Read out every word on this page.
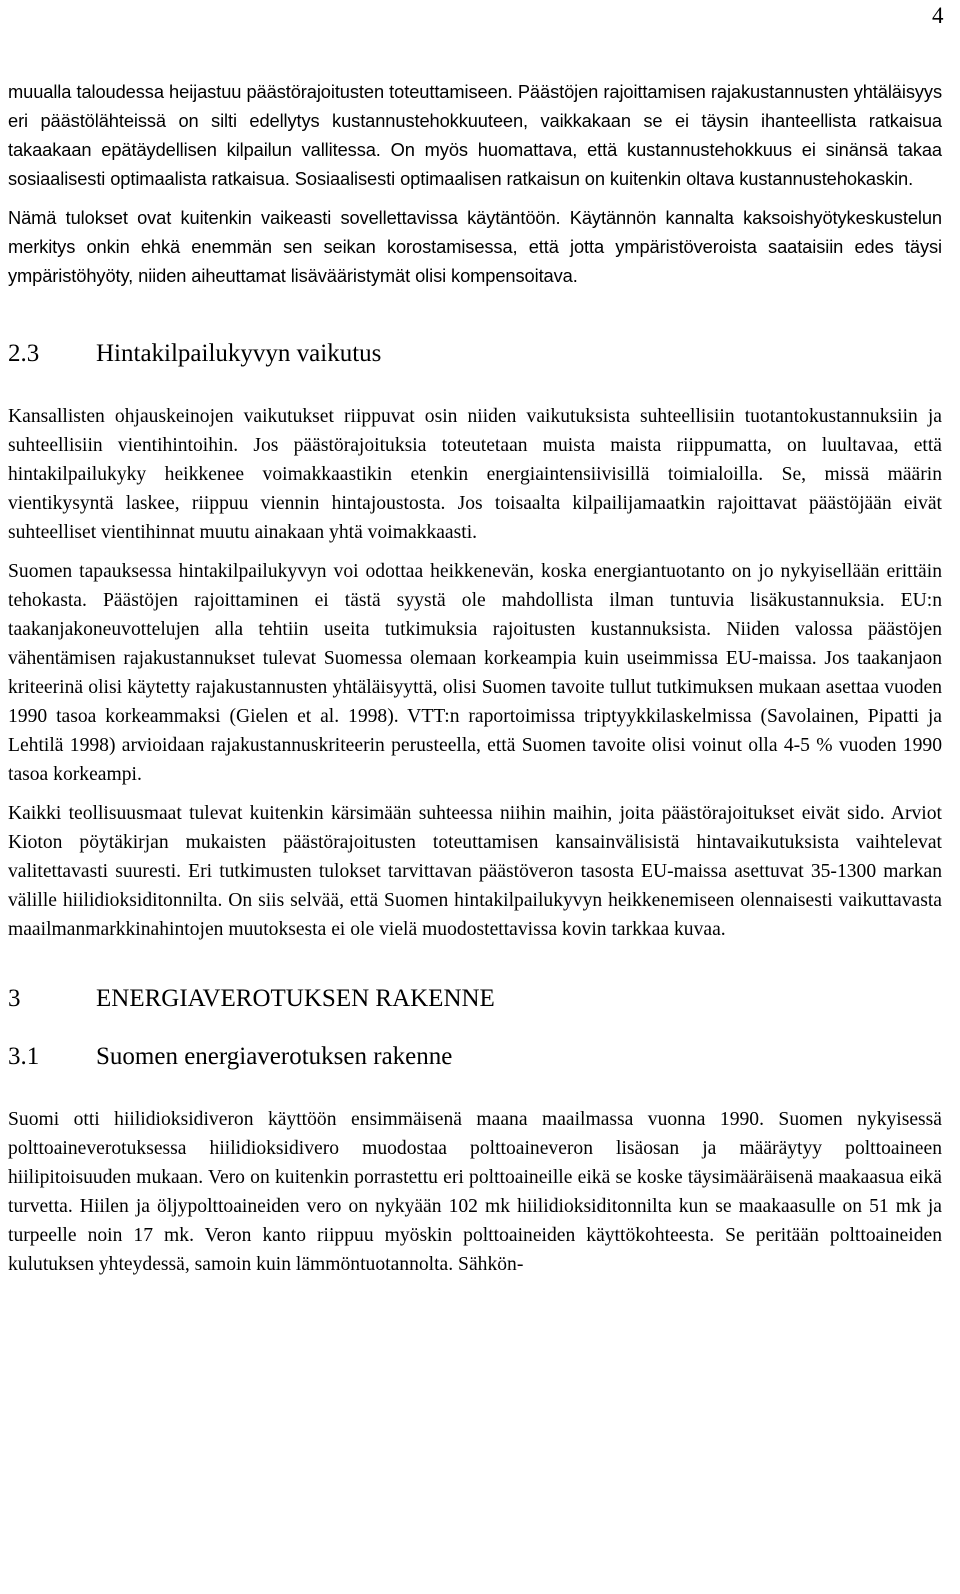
4

muualla taloudessa heijastuu päästörajoitusten toteuttamiseen. Päästöjen rajoittamisen rajakustannusten yhtäläisyys eri päästölähteissä on silti edellytys kustannustehokkuuteen, vaikkakaan se ei täysin ihanteellista ratkaisua takaakaan epätäydellisen kilpailun vallitessa. On myös huomattava, että kustannustehokkuus ei sinänsä takaa sosiaalisesti optimaalista ratkaisua. Sosiaalisesti optimaalisen ratkaisun on kuitenkin oltava kustannustehokaskin.

Nämä tulokset ovat kuitenkin vaikeasti sovellettavissa käytäntöön. Käytännön kannalta kaksoishyötykeskustelun merkitys onkin ehkä enemmän sen seikan korostamisessa, että jotta ympäristöveroista saataisiin edes täysi ympäristöhyöty, niiden aiheuttamat lisävääristymät olisi kompensoitava.

2.3	Hintakilpailukyvyn vaikutus

Kansallisten ohjauskeinojen vaikutukset riippuvat osin niiden vaikutuksista suhteellisiin tuotantokustannuksiin ja suhteellisiin vientihintoihin. Jos päästörajoituksia toteutetaan muista maista riippumatta, on luultavaa, että hintakilpailukyky heikkenee voimakkaastikin etenkin energiaintensiivisillä toimialoilla. Se, missä määrin vientikysyntä laskee, riippuu viennin hintajoustosta. Jos toisaalta kilpailijamaatkin rajoittavat päästöjään eivät suhteelliset vientihinnat muutu ainakaan yhtä voimakkaasti.

Suomen tapauksessa hintakilpailukyvyn voi odottaa heikkenevän, koska energiantuotanto on jo nykyisellään erittäin tehokasta. Päästöjen rajoittaminen ei tästä syystä ole mahdollista ilman tuntuvia lisäkustannuksia. EU:n taakanjakoneuvottelujen alla tehtiin useita tutkimuksia rajoitusten kustannuksista. Niiden valossa päästöjen vähentämisen rajakustannukset tulevat Suomessa olemaan korkeampia kuin useimmissa EU-maissa. Jos taakanjaon kriteerinä olisi käytetty rajakustannusten yhtäläisyyttä, olisi Suomen tavoite tullut tutkimuksen mukaan asettaa vuoden 1990 tasoa korkeammaksi (Gielen et al. 1998). VTT:n raportoimissa triptyykkilaskelmissa (Savolainen, Pipatti ja Lehtilä 1998) arvioidaan rajakustannuskriteerin perusteella, että Suomen tavoite olisi voinut olla 4-5 % vuoden 1990 tasoa korkeampi.

Kaikki teollisuusmaat tulevat kuitenkin kärsimään suhteessa niihin maihin, joita päästörajoitukset eivät sido. Arviot Kioton pöytäkirjan mukaisten päästörajoitusten toteuttamisen kansainvälisistä hintavaikutuksista vaihtelevat valitettavasti suuresti. Eri tutkimusten tulokset tarvittavan päästöveron tasosta EU-maissa asettuvat 35-1300 markan välille hiilidioksiditonnilta. On siis selvää, että Suomen hintakilpailukyvyn heikkenemiseen olennaisesti vaikuttavasta maailmanmarkkinahintojen muutoksesta ei ole vielä muodostettavissa kovin tarkkaa kuvaa.

3	ENERGIAVEROTUKSEN RAKENNE
3.1	Suomen energiaverotuksen rakenne

Suomi otti hiilidioksidiveron käyttöön ensimmäisenä maana maailmassa vuonna 1990. Suomen nykyisessä polttoaineverotuksessa hiilidioksidivero muodostaa polttoaineveron lisäosan ja määräytyy polttoaineen hiilipitoisuuden mukaan. Vero on kuitenkin porrastettu eri polttoaineille eikä se koske täysimääräisenä maakaasua eikä turvetta. Hiilen ja öljypolttoaineiden vero on nykyään 102 mk hiilidioksiditonnilta kun se maakaasulle on 51 mk ja turpeelle noin 17 mk. Veron kanto riippuu myöskin polttoaineiden käyttökohteesta. Se peritään polttoaineiden kulutuksen yhteydessä, samoin kuin lämmöntuotannolta. Sähkön-
